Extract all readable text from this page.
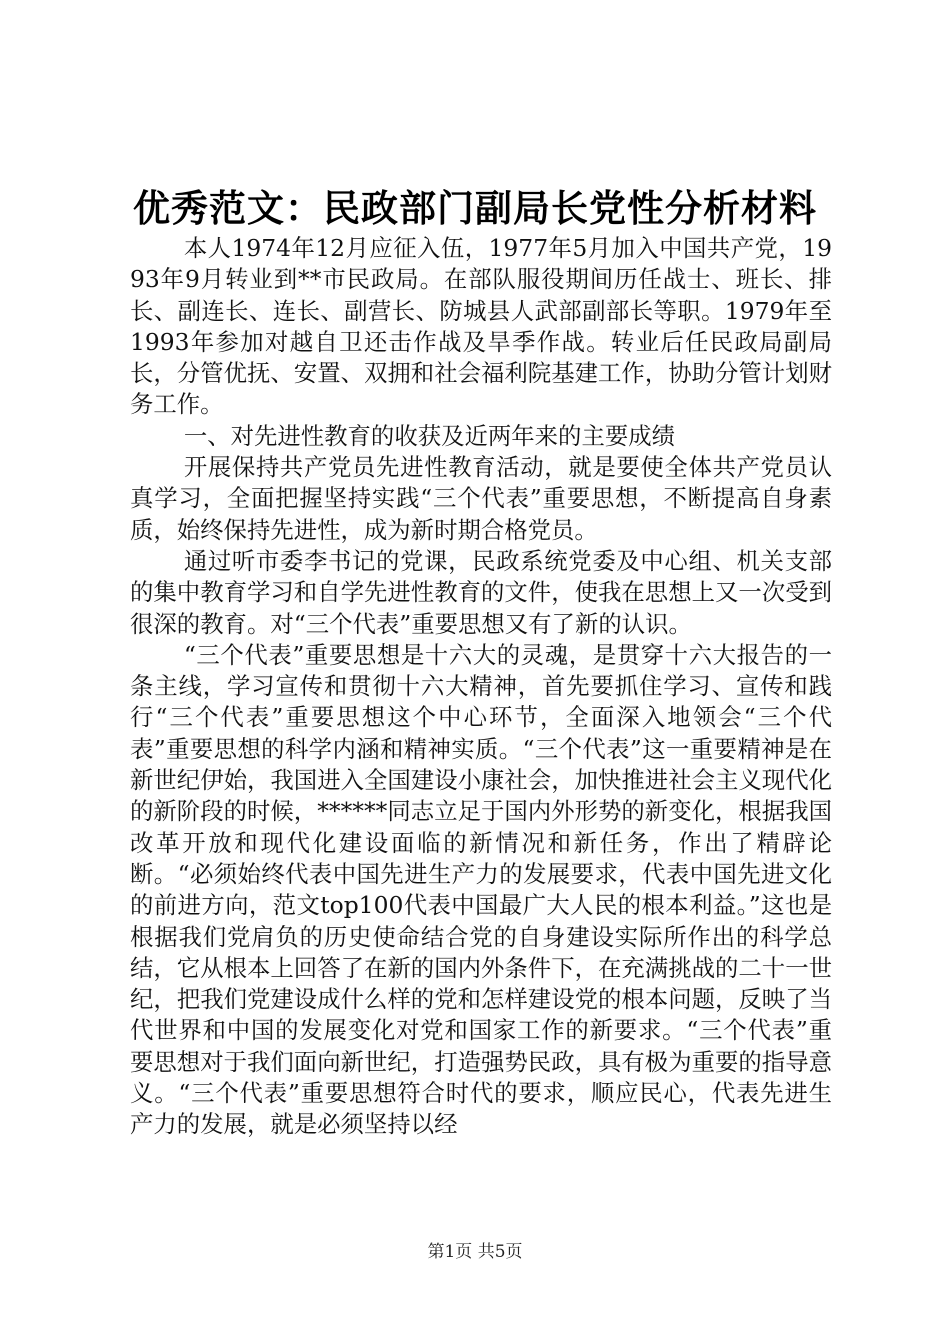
优秀范文：民政部门副局长党性分析材料

本人1974年12月应征入伍，1977年5月加入中国共产党，1993年9月转业到**市民政局。在部队服役期间历任战士、班长、排长、副连长、连长、副营长、防城县人武部副部长等职。1979年至1993年参加对越自卫还击作战及旱季作战。转业后任民政局副局长，分管优抚、安置、双拥和社会福利院基建工作，协助分管计划财务工作。

一、对先进性教育的收获及近两年来的主要成绩

开展保持共产党员先进性教育活动，就是要使全体共产党员认真学习，全面把握坚持实践“三个代表”重要思想，不断提高自身素质，始终保持先进性，成为新时期合格党员。

通过听市委李书记的党课，民政系统党委及中心组、机关支部的集中教育学习和自学先进性教育的文件，使我在思想上又一次受到很深的教育。对“三个代表”重要思想又有了新的认识。

“三个代表”重要思想是十六大的灵魂，是贯穿十六大报告的一条主线，学习宣传和贯彻十六大精神，首先要抓住学习、宣传和践行“三个代表”重要思想这个中心环节，全面深入地领会“三个代表”重要思想的科学内涵和精神实质。“三个代表”这一重要精神是在新世纪伊始，我国进入全国建设小康社会，加快推进社会主义现代化的新阶段的时候，******同志立足于国内外形势的新变化，根据我国改革开放和现代化建设面临的新情况和新任务，作出了精辟论断。“必须始终代表中国先进生产力的发展要求，代表中国先进文化的前进方向，范文top100代表中国最广大人民的根本利益。”这也是根据我们党肩负的历史使命结合党的自身建设实际所作出的科学总结，它从根本上回答了在新的国内外条件下，在充满挑战的二十一世纪，把我们党建设成什么样的党和怎样建设党的根本问题，反映了当代世界和中国的发展变化对党和国家工作的新要求。“三个代表”重要思想对于我们面向新世纪，打造强势民政，具有极为重要的指导意义。“三个代表”重要思想符合时代的要求，顺应民心，代表先进生产力的发展，就是必须坚持以经

第1页 共5页
